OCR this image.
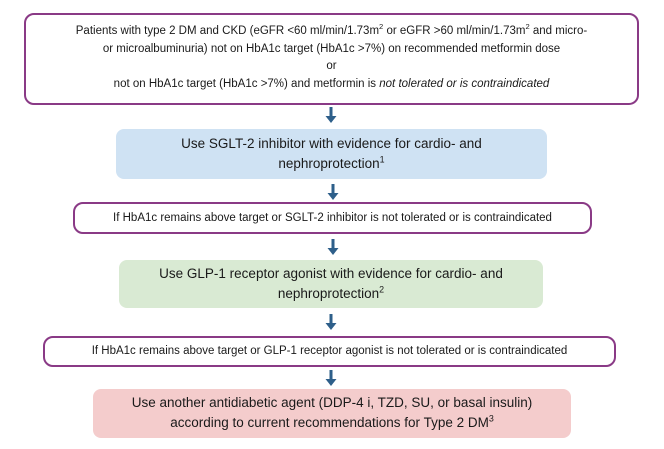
Patients with type 2 DM and CKD (eGFR <60 $ml/\min/1.73m^2$ or eGFR >60 $ml/\min/1.73m^2$ and micro-
or microalbuminuria) not on HbA1c target (HbA1c >7%) on recommended metformin dose
or
not on HbA1c target (HbA1c >7%) and metformin is not tolerated or is contraindicated
Use SGLT-2 inhibitor with evidence for cardio- and
nephroprotection$^1$
If HbA1c remains above target or SGLT-2 inhibitor is not tolerated or is contraindicated
Use GLP-1 receptor agonist with evidence for cardio- and
nephroprotection$^2$
If HbA1c remains above target or GLP-1 receptor agonist is not tolerated or is contraindicated
Use another antidiabetic agent (DDP-4 i, TZD, SU, or basal insulin)
according to current recommendations for Type 2 $DM^3$
